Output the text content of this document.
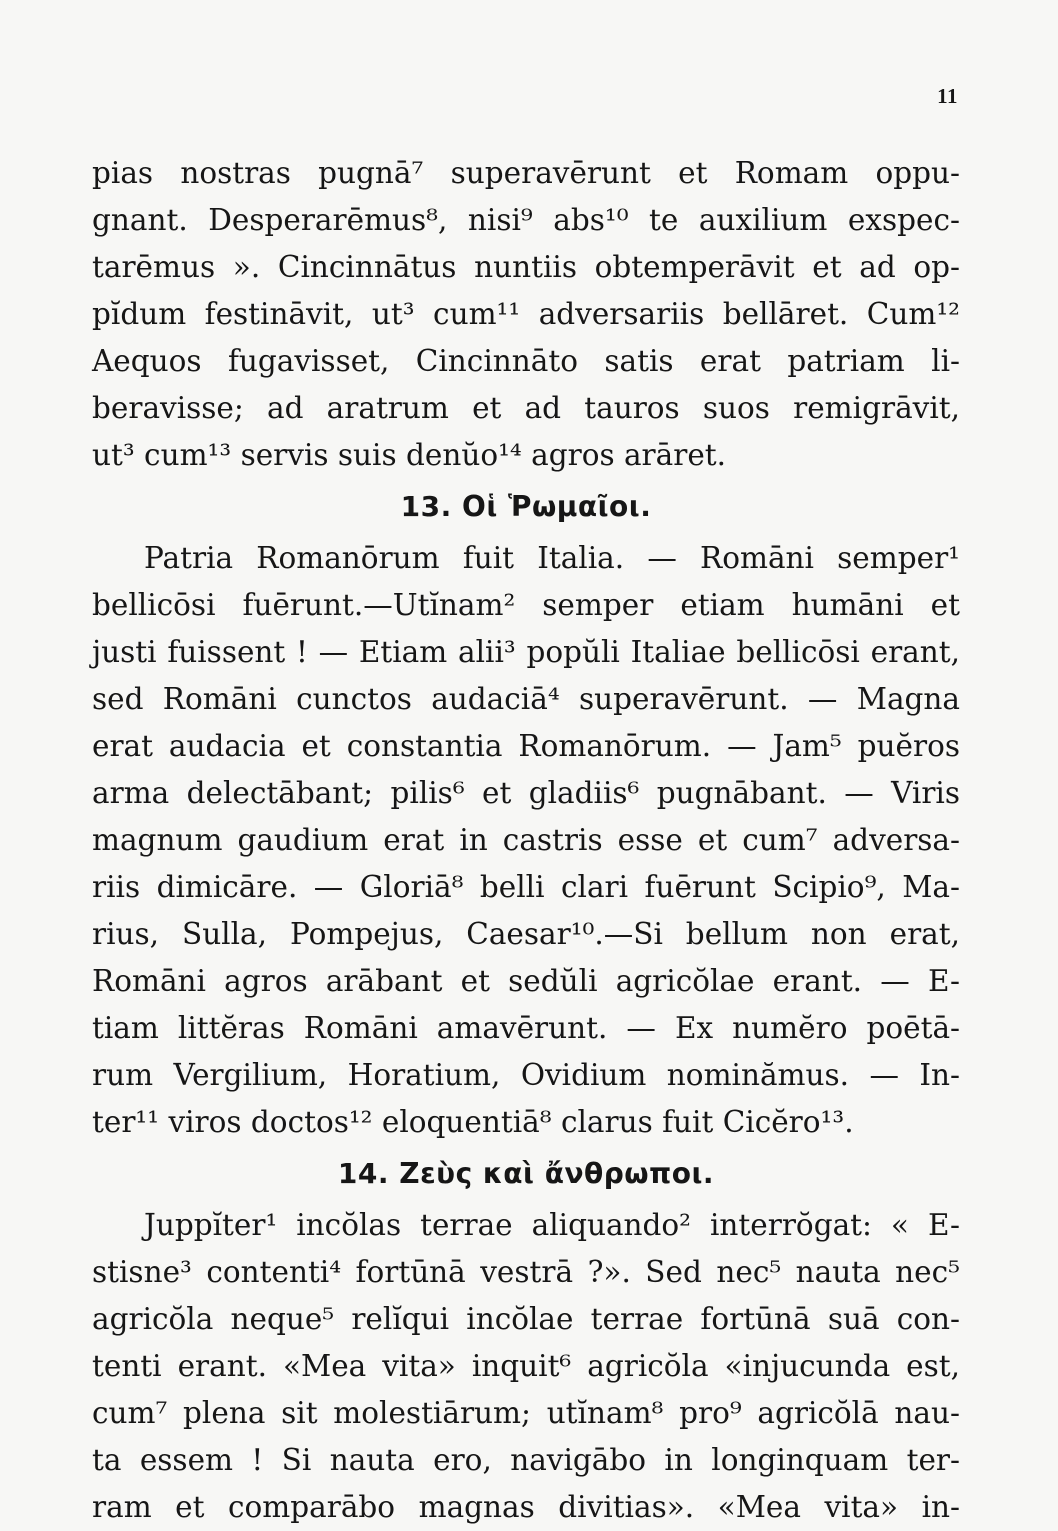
11
pias nostras pugnā⁷ superavērunt et Romam oppu-
gnant. Desperarēmus⁸, nisi⁹ abs¹⁰ te auxilium exspec-
tarēmus ». Cincinnātus nuntiis obtemperāvit et ad op-
pĭdum festināvit, ut³ cum¹¹ adversariis bellāret. Cum¹²
Aequos fugavisset, Cincinnāto satis erat patriam li-
beravisse; ad aratrum et ad tauros suos remigrāvit,
ut³ cum¹³ servis suis denŭo¹⁴ agros arāret.
13. Οἱ Ῥωμαῖοι.
Patria Romanōrum fuit Italia. — Romāni semper¹
bellicōsi fuērunt.—Utĭnam² semper etiam humāni et
justi fuissent ! — Etiam alii³ popŭli Italiae bellicōsi erant,
sed Romāni cunctos audaciā⁴ superavērunt. — Magna
erat audacia et constantia Romanōrum. — Jam⁵ puĕros
arma delectābant; pilis⁶ et gladiis⁶ pugnābant. — Viris
magnum gaudium erat in castris esse et cum⁷ adversa-
riis dimicāre. — Gloriā⁸ belli clari fuērunt Scipio⁹, Ma-
rius, Sulla, Pompejus, Caesar¹⁰.—Si bellum non erat,
Romāni agros arābant et sedŭli agricŏlae erant. — E-
tiam littĕras Romāni amavērunt. — Ex numĕro poētā-
rum Vergilium, Horatium, Ovidium nominămus. — In-
ter¹¹ viros doctos¹² eloquentiā⁸ clarus fuit Cicĕro¹³.
14. Ζεὺς καὶ ἄνθρωποι.
Juppĭter¹ incŏlas terrae aliquando² interrŏgat: « E-
stisne³ contenti⁴ fortūnā vestrā ?». Sed nec⁵ nauta nec⁵
agricŏla neque⁵ relĭqui incŏlae terrae fortūnā suā con-
tenti erant. «Mea vita» inquit⁶ agricŏla «injucunda est,
cum⁷ plena sit molestiārum; utĭnam⁸ pro⁹ agricŏlā nau-
ta essem ! Si nauta ero, navigābo in longinquam ter-
ram et comparābo magnas divitias». «Mea vita» in-
